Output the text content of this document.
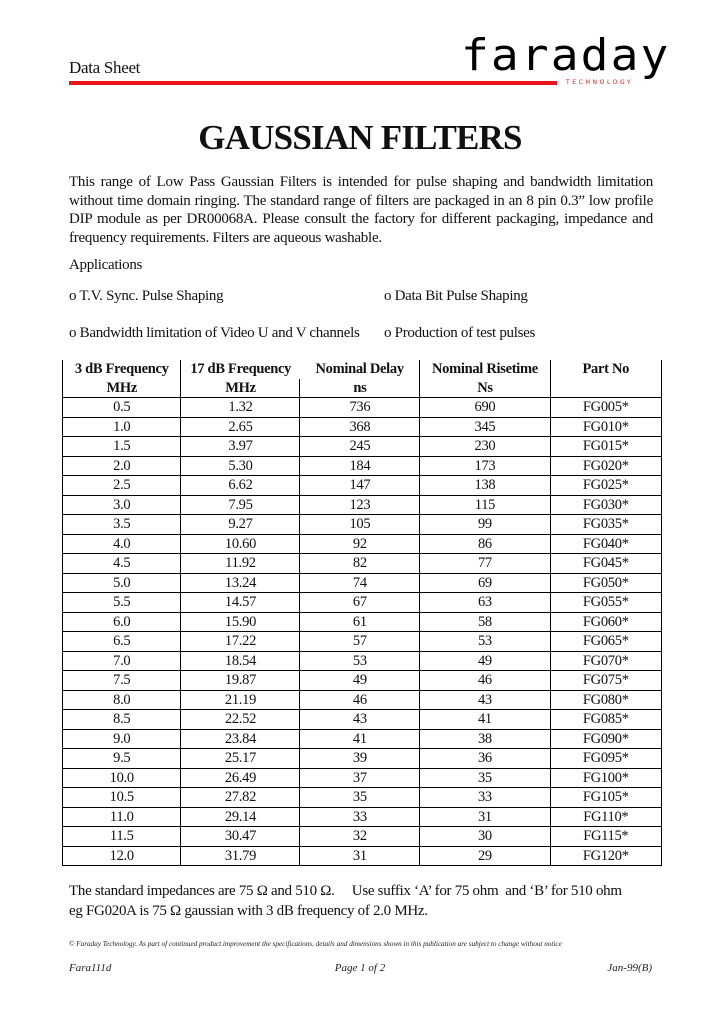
Data Sheet	faraday
TECHNOLOGY
GAUSSIAN FILTERS
This range of Low Pass Gaussian Filters is intended for pulse shaping and bandwidth limitation without time domain ringing. The standard range of filters are packaged in an 8 pin 0.3” low profile DIP module as per DR00068A. Please consult the factory for different packaging, impedance and frequency requirements. Filters are aqueous washable.
Applications
o T.V. Sync. Pulse Shaping	o Data Bit Pulse Shaping
o Bandwidth limitation of Video U and V channels o Production of test pulses
3 dB Frequency	17 dB Frequency	Nominal Delay	Nominal Risetime	Part No
MHz	MHz	ns	Ns	
0.5	1.32	736	690	FG005*
1.0	2.65	368	345	FG010*
1.5	3.97	245	230	FG015*
2.0	5.30	184	173	FG020*
2.5	6.62	147	138	FG025*
3.0	7.95	123	115	FG030*
3.5	9.27	105	99	FG035*
4.0	10.60	92	86	FG040*
4.5	11.92	82	77	FG045*
5.0	13.24	74	69	FG050*
5.5	14.57	67	63	FG055*
6.0	15.90	61	58	FG060*
6.5	17.22	57	53	FG065*
7.0	18.54	53	49	FG070*
7.5	19.87	49	46	FG075*
8.0	21.19	46	43	FG080*
8.5	22.52	43	41	FG085*
9.0	23.84	41	38	FG090*
9.5	25.17	39	36	FG095*
10.0	26.49	37	35	FG100*
10.5	27.82	35	33	FG105*
11.0	29.14	33	31	FG110*
11.5	30.47	32	30	FG115*
12.0	31.79	31	29	FG120*
The standard impedances are 75 Ω and 510 Ω.     Use suffix ‘A’ for 75 ohm  and ‘B’ for 510 ohm
eg FG020A is 75 Ω gaussian with 3 dB frequency of 2.0 MHz.
© Faraday Technology. As part of continued product improvement the specifications, details and dimensions shown in this publication are subject to change without notice
Fara111d	Page 1 of 2	Jan-99(B)
